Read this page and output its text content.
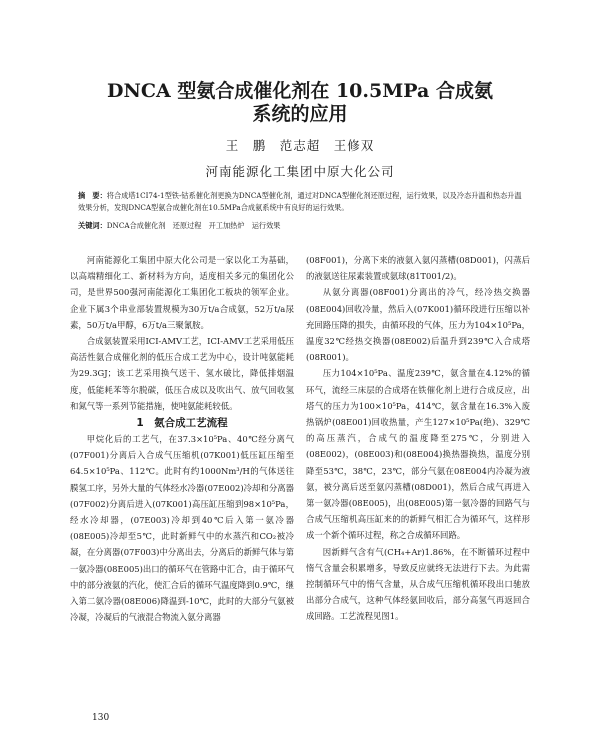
DNCA 型氨合成催化剂在 10.5MPa 合成氨
系统的应用
王　鹏　范志超　王修双
河南能源化工集团中原大化公司
摘　要：将合成塔1CI74-1型铁-钴系催化剂更换为DNCA型催化剂，通过对DNCA型催化剂还原过程，运行效果，以及冷态升温和热态升温效果分析，发现DNCA型氨合成催化剂在10.5MPa合成氨系统中有良好的运行效果。
关键词：DNCA合成催化剂　还原过程　开工加热炉　运行效果

河南能源化工集团中原大化公司是一家以化工为基础，以高端精细化工、新材料为方向，适度相关多元的集团化公司，是世界500强河南能源化工集团化工板块的领军企业。企业下属3个串业部装置规模为30万t/a合成氨，52万t/a尿素，50万t/a甲醇，6万t/a三聚氰胺。

合成氨装置采用ICI-AMV工艺，ICI-AMV工艺采用低压高活性氨合成催化剂的低压合成工艺为中心，设计吨氨能耗为29.3GJ；该工艺采用换气送干、氢水破比，降低排烟温度，低能耗苯等尔脱碳，低压合成以及吹出气、放气回收氢和氮气等一系列节能措施，使吨氨能耗较低。

1　氨合成工艺流程

甲烷化后的工艺气，在37.3×10⁵Pa、40℃经分离气(07F001)分离后入合成气压缩机(07K001)低压缸压缩至64.5×10⁵Pa、112℃。此时有约1000Nm³/H的气体送往膜氢工序，另外大量的气体经水冷器(07E002)冷却和分离器(07F002)分离后进入(07K001)高压缸压缩到98×10⁵Pa，经水冷却器，(07E003)冷却到40℃后入第一氨冷器(08E005)冷却至5℃，此时新鲜气中的水蒸汽和CO₂被冷凝，在分离器(07F003)中分离出去，分离后的新鲜气体与第一氨冷器(08E005)出口的循环气在管路中汇合，由于循环气中的部分液氨的汽化，使汇合后的循环气温度降到0.9℃，继入第二氨冷器(08E006)降温到-10℃，此时的大部分气氨被冷凝，冷凝后的气液混合物流入氨分离器

(08F001)，分离下来的液氨入氨闪蒸槽(08D001)，闪蒸后的液氨送往尿素装置或氨球(81T001/2)。

从氨分离器(08F001)分离出的冷气，经冷热交换器(08E004)回收冷量，然后入(07K001)循环段进行压缩以补充回路压降的损失，由循环段的气体，压力为104×10⁵Pa，温度32℃经热交换器(08E002)后温升到239℃入合成塔(08R001)。

压力104×10⁵Pa、温度239℃，氨含量在4.12%的循环气，流经三床层的合成塔在铁催化剂上进行合成反应，出塔气的压力为100×10⁵Pa，414℃，氨含量在16.3%入废热锅炉(08E001)回收热量，产生127×10⁵Pa(绝)、329℃的高压蒸汽，合成气的温度降至275℃，分别进入(08E002)，(08E003)和(08E004)换热器换热，温度分别降至53℃，38℃，23℃，部分气氨在08E004内冷凝为液氨，被分离后送至氨闪蒸槽(08D001)，然后合成气再进入第一氨冷器(08E005)，出(08E005)第一氨冷器的回路气与合成气压缩机高压缸来的的新鲜气相汇合为循环气，这样形成一个新个循环过程，称之合成循环回路。

因新鲜气含有气(CH₄+Ar)1.86%，在不断循环过程中惰气含量会积累增多，导致反应就终无法进行下去。为此需控制循环气中的惰气含量，从合成气压缩机循环段出口驰放出部分合成气，这种气体经氨回收后，部分高氢气再返回合成回路。工艺流程见图1。

130
